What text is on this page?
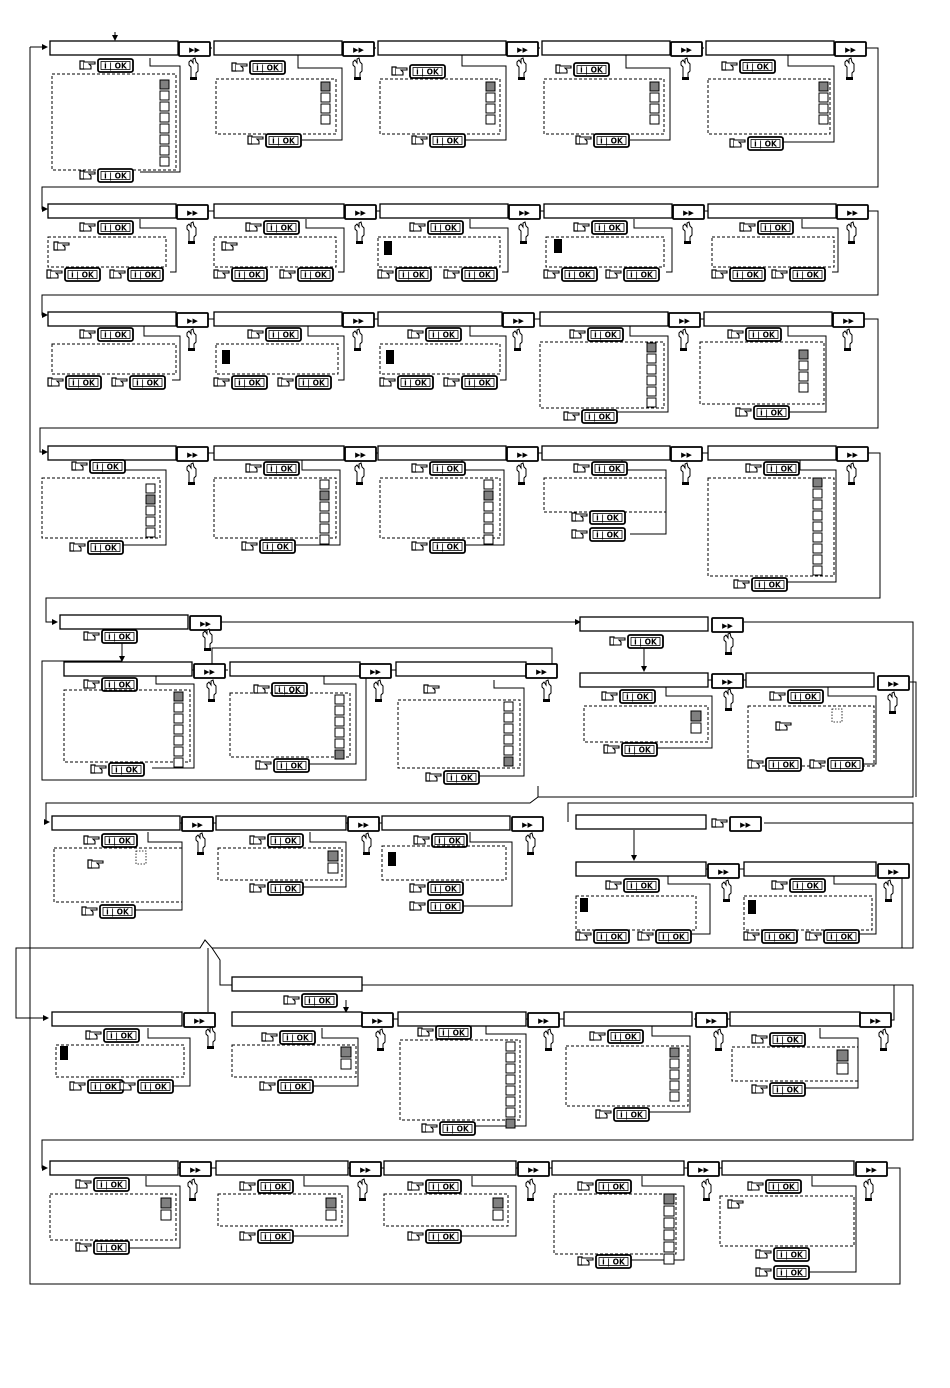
▶▶	▶▶	▶▶	▶▶	▶▶
i | OK
i | OK
i | OK
i | OK
i | OK
i | OK
i | OK
i | OK
i | OK
i | OK
▶▶	▶▶	▶▶	▶▶	▶▶
i | OK
i | OK	i | OK
i | OK
i | OK	i | OK
i | OK
i | OK	i | OK
i | OK
i | OK	i | OK
i | OK
i | OK	i | OK
▶▶	▶▶	▶▶	▶▶	▶▶
i | OK
i | OK	i | OK
i | OK
i | OK	i | OK
i | OK
i | OK	i | OK
i | OK
i | OK
i | OK
i | OK
▶▶	▶▶	▶▶	▶▶	▶▶
i | OK
i | OK
i | OK
i | OK
i | OK
i | OK
i | OK
i | OK
i | OK
i | OK
i | OK
▶▶
i | OK
▶▶
i | OK
▶▶	▶▶	▶▶
i | OK
i | OK
i | OK
i | OK
i | OK
▶▶	▶▶
i | OK
i | OK
i | OK
i | OK	i | OK
▶▶	▶▶	▶▶
i | OK
i | OK
i | OK
i | OK
i | OK
i | OK
i | OK
▶▶
▶▶	▶▶
i | OK
i | OK	i | OK
i | OK
i | OK	i | OK
i | OK
▶▶	▶▶	▶▶	▶▶	▶▶
i | OK
i | OK	i | OK
i | OK
i | OK
i | OK
i | OK
i | OK
i | OK
i | OK
i | OK
▶▶	▶▶	▶▶	▶▶	▶▶
i | OK
i | OK
i | OK
i | OK
i | OK
i | OK
i | OK
i | OK
i | OK
i | OK
i | OK
